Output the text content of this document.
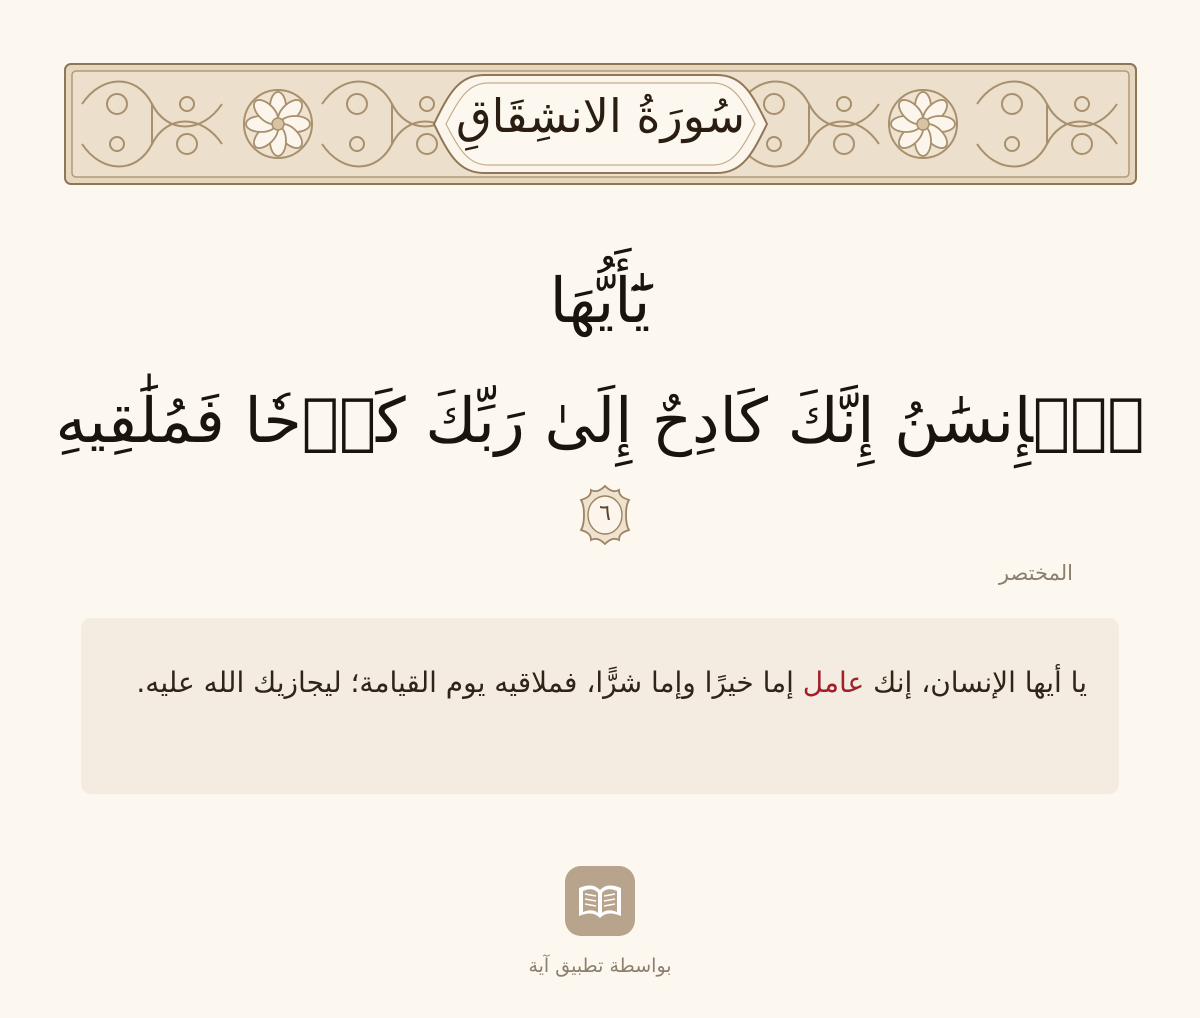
سُورَةُ الانشِقَاقِ
يَٰٓأَيُّهَا
ٱلۡإِنسَٰنُ إِنَّكَ كَادِحٌ إِلَىٰ رَبِّكَ كَدۡحٗا فَمُلَٰقِيهِ
٦
المختصر
يا أيها الإنسان، إنك عامل إما خيرًا وإما شرًّا، فملاقيه يوم القيامة؛ ليجازيك الله عليه.
بواسطة تطبيق آية
